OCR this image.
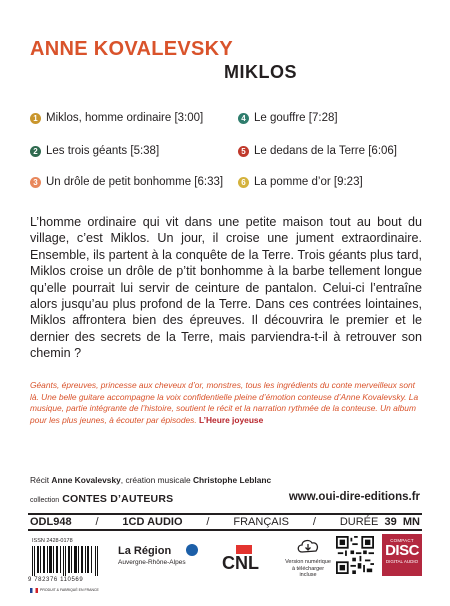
ANNE KOVALEVSKY
MIKLOS
1 Miklos, homme ordinaire [3:00]
2 Les trois géants [5:38]
3 Un drôle de petit bonhomme [6:33]
4 Le gouffre [7:28]
5 Le dedans de la Terre [6:06]
6 La pomme d’or [9:23]

L’homme ordinaire qui vit dans une petite maison tout au bout du village, c’est Miklos. Un jour, il croise une jument extraordinaire. Ensemble, ils partent à la conquête de la Terre. Trois géants plus tard, Miklos croise un drôle de p’tit bonhomme à la barbe tellement longue qu’elle pourrait lui servir de ceinture de pantalon. Celui-ci l’entraîne alors jusqu’au plus profond de la Terre. Dans ces contrées lointaines, Miklos affrontera bien des épreuves. Il découvrira le premier et le dernier des secrets de la Terre, mais parviendra-t-il à retrouver son chemin ?

Géants, épreuves, princesse aux cheveux d’or, monstres, tous les ingrédients du conte merveilleux sont là. Une belle guitare accompagne la voix confidentielle pleine d’émotion conteuse d’Anne Kovalevsky. La musique, partie intégrante de l’histoire, soutient le récit et la narration rythmée de la conteuse. Un album pour les plus jeunes, à écouter par épisodes. L’Heure joyeuse

Récit Anne Kovalevsky, création musicale Christophe Leblanc
collection CONTES D’AUTEURS	www.oui-dire-editions.fr
ODL948 / 1CD AUDIO / FRANÇAIS / DURÉE 39 MN
ISSN 2428-0178
9 782376 110569
PRODUIT & FABRIQUÉ EN FRANCE
La Région
Auvergne-Rhône-Alpes CNL	Version numérique
à télécharger
incluse
COMPACT
DISC
DIGITAL AUDIO
